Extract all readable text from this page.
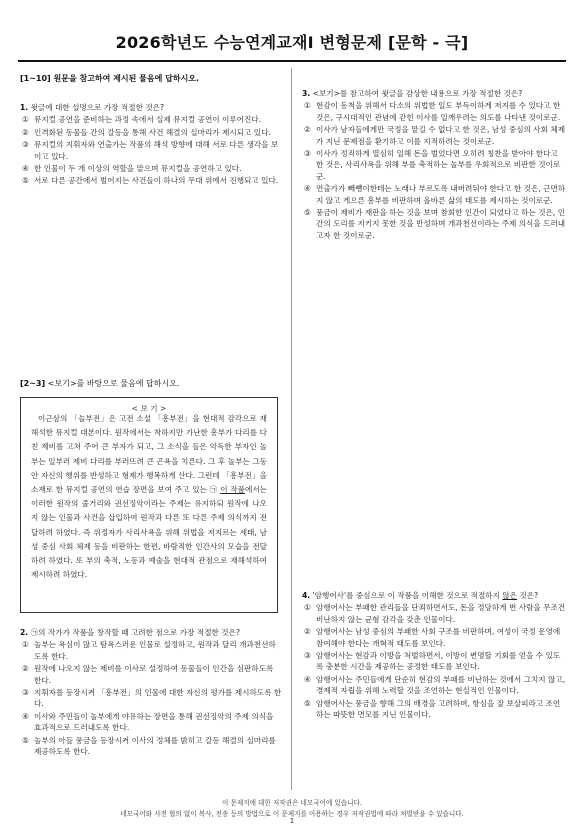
2026학년도 수능연계교재Ⅰ 변형문제 [문학 - 극]
[1~10] 원문을 참고하여 제시된 물음에 답하시오.
1. 윗글에 대한 설명으로 가장 적절한 것은?
① 뮤지컬 공연을 준비하는 과정 속에서 실제 뮤지컬 공연이 이루어진다.
② 인격화된 동물들 간의 갈등을 통해 사건 해결의 실마리가 제시되고 있다.
③ 뮤지컬의 지휘자와 연출가는 작품의 해석 방향에 대해 서로 다른 생각을 보이고 있다.
④ 한 인물이 두 개 이상의 역할을 맡으며 뮤지컬을 공연하고 있다.
⑤ 서로 다른 공간에서 벌어지는 사건들이 하나의 무대 위에서 진행되고 있다.
[2~3] <보기>를 바탕으로 물음에 답하시오.
< 보 기 >
이근삼의 「놀부전」은 고전 소설 「흥부전」을 현대적 감각으로 재해석한 뮤지컬 대본이다. 원작에서는 착하지만 가난한 흥부가 다리를 다친 제비를 고쳐 주어 큰 부자가 되고, 그 소식을 들은 악독한 부자인 놀부는 일부러 제비 다리를 부러뜨려 큰 곤욕을 치른다. 그 후 놀부는 그동안 자신의 행위를 반성하고 형제가 행복하게 산다. 그런데 「흥부전」을 소재로 한 뮤지컬 공연의 연습 장면을 보여 주고 있는 ㉠ 이 작품에서는 이러한 원작의 줄거리와 권선징악이라는 주제는 유지하되 원작에 나오지 않는 인물과 사건을 삽입하여 원작과 다른 또 다른 주제 의식까지 전달하려 하였다. 즉 위정자가 사리사욕을 위해 위법을 저지르는 세태, 남성 중심 사회 체제 등을 비판하는 한편, 바람직한 인간사의 모습을 전달하려 하였다. 또 부의 축적, 노동과 예술을 현대적 관점으로 재해석하여 제시하려 하였다.
2. ㉠의 작가가 작품을 창작할 때 고려한 점으로 가장 적절한 것은?
① 놀부는 욕심이 많고 탐욕스러운 인물로 설정하고, 원작과 달리 개과천선하도록 한다.
② 원작에 나오지 않는 제비를 이사로 설정하여 동물들이 인간을 심판하도록 한다.
③ 지휘자를 등장시켜 「흥부전」의 인물에 대한 자신의 평가를 제시하도록 한다.
④ 이사와 주민들이 놀부에게 야유하는 장면을 통해 권선징악의 주제 의식을 효과적으로 드러내도록 한다.
⑤ 놀부의 아들 풍금을 등장시켜 이사의 정체를 밝히고 갈등 해결의 실마리를 제공하도록 한다.
3. <보기>를 참고하여 윗글을 감상한 내용으로 가장 적절한 것은?
① 현감이 동척을 위해서 다소의 위법한 일도 부득이하게 저지를 수 있다고 한 것은, 구시대적인 관념에 갇힌 이사를 일깨우려는 의도를 나타낸 것이로군.
② 이사가 남자들에게만 국정을 맡길 수 없다고 한 것은, 남성 중심의 사회 체제가 지닌 문제점을 환기하고 이를 지적하려는 것이로군.
③ 이사가 정직하게 열심히 일해 돈을 벌었다면 오히려 칭찬을 받아야 한다고 한 것은, 사리사욕을 위해 부를 축적하는 놀부를 우회적으로 비판한 것이로군.
④ 연출가가 뻬뺑이한테는 노래나 부르도록 내버려둬야 한다고 한 것은, 근면하지 않고 게으른 흥부를 비판하며 올바른 삶의 태도를 제시하는 것이로군.
⑤ 풍금이 제비가 재판을 하는 것을 보며 참회한 인간이 되었다고 하는 것은, 인간의 도리를 지키지 못한 것을 반성하며 개과천선이라는 주제 의식을 드러내고자 한 것이로군.
4. '암행어사'를 중심으로 이 작품을 이해한 것으로 적절하지 않은 것은?
① 암행어사는 부패한 관리들을 단죄하면서도, 돈을 정당하게 번 사람을 무조건 비난하지 않는 균형 감각을 갖춘 인물이다.
② 암행어사는 남성 중심의 부패한 사회 구조를 비판하며, 여성이 국정 운영에 참여해야 한다는 개혁적 태도를 보인다.
③ 암행어사는 현감과 이방을 처벌하면서, 이방이 변명할 기회를 얻을 수 있도록 충분한 시간을 제공하는 공정한 태도를 보인다.
④ 암행어사는 주민들에게 단순히 현감의 부패를 비난하는 것에서 그치지 않고, 경제적 자립을 위해 노력할 것을 조언하는 현실적인 인물이다.
⑤ 암행어사는 풍금을 향해 그의 배경을 고려하며, 항심을 잘 보살피라고 조언하는 따뜻한 면모를 지닌 인물이다.
이 문제지에 대한 저작권은 네모국어에 있습니다.
네모국어와 사전 협의 없이 복사, 전송 등의 방법으로 이 문제지를 이용하는 경우 저작권법에 따라 처벌받을 수 있습니다.
1
